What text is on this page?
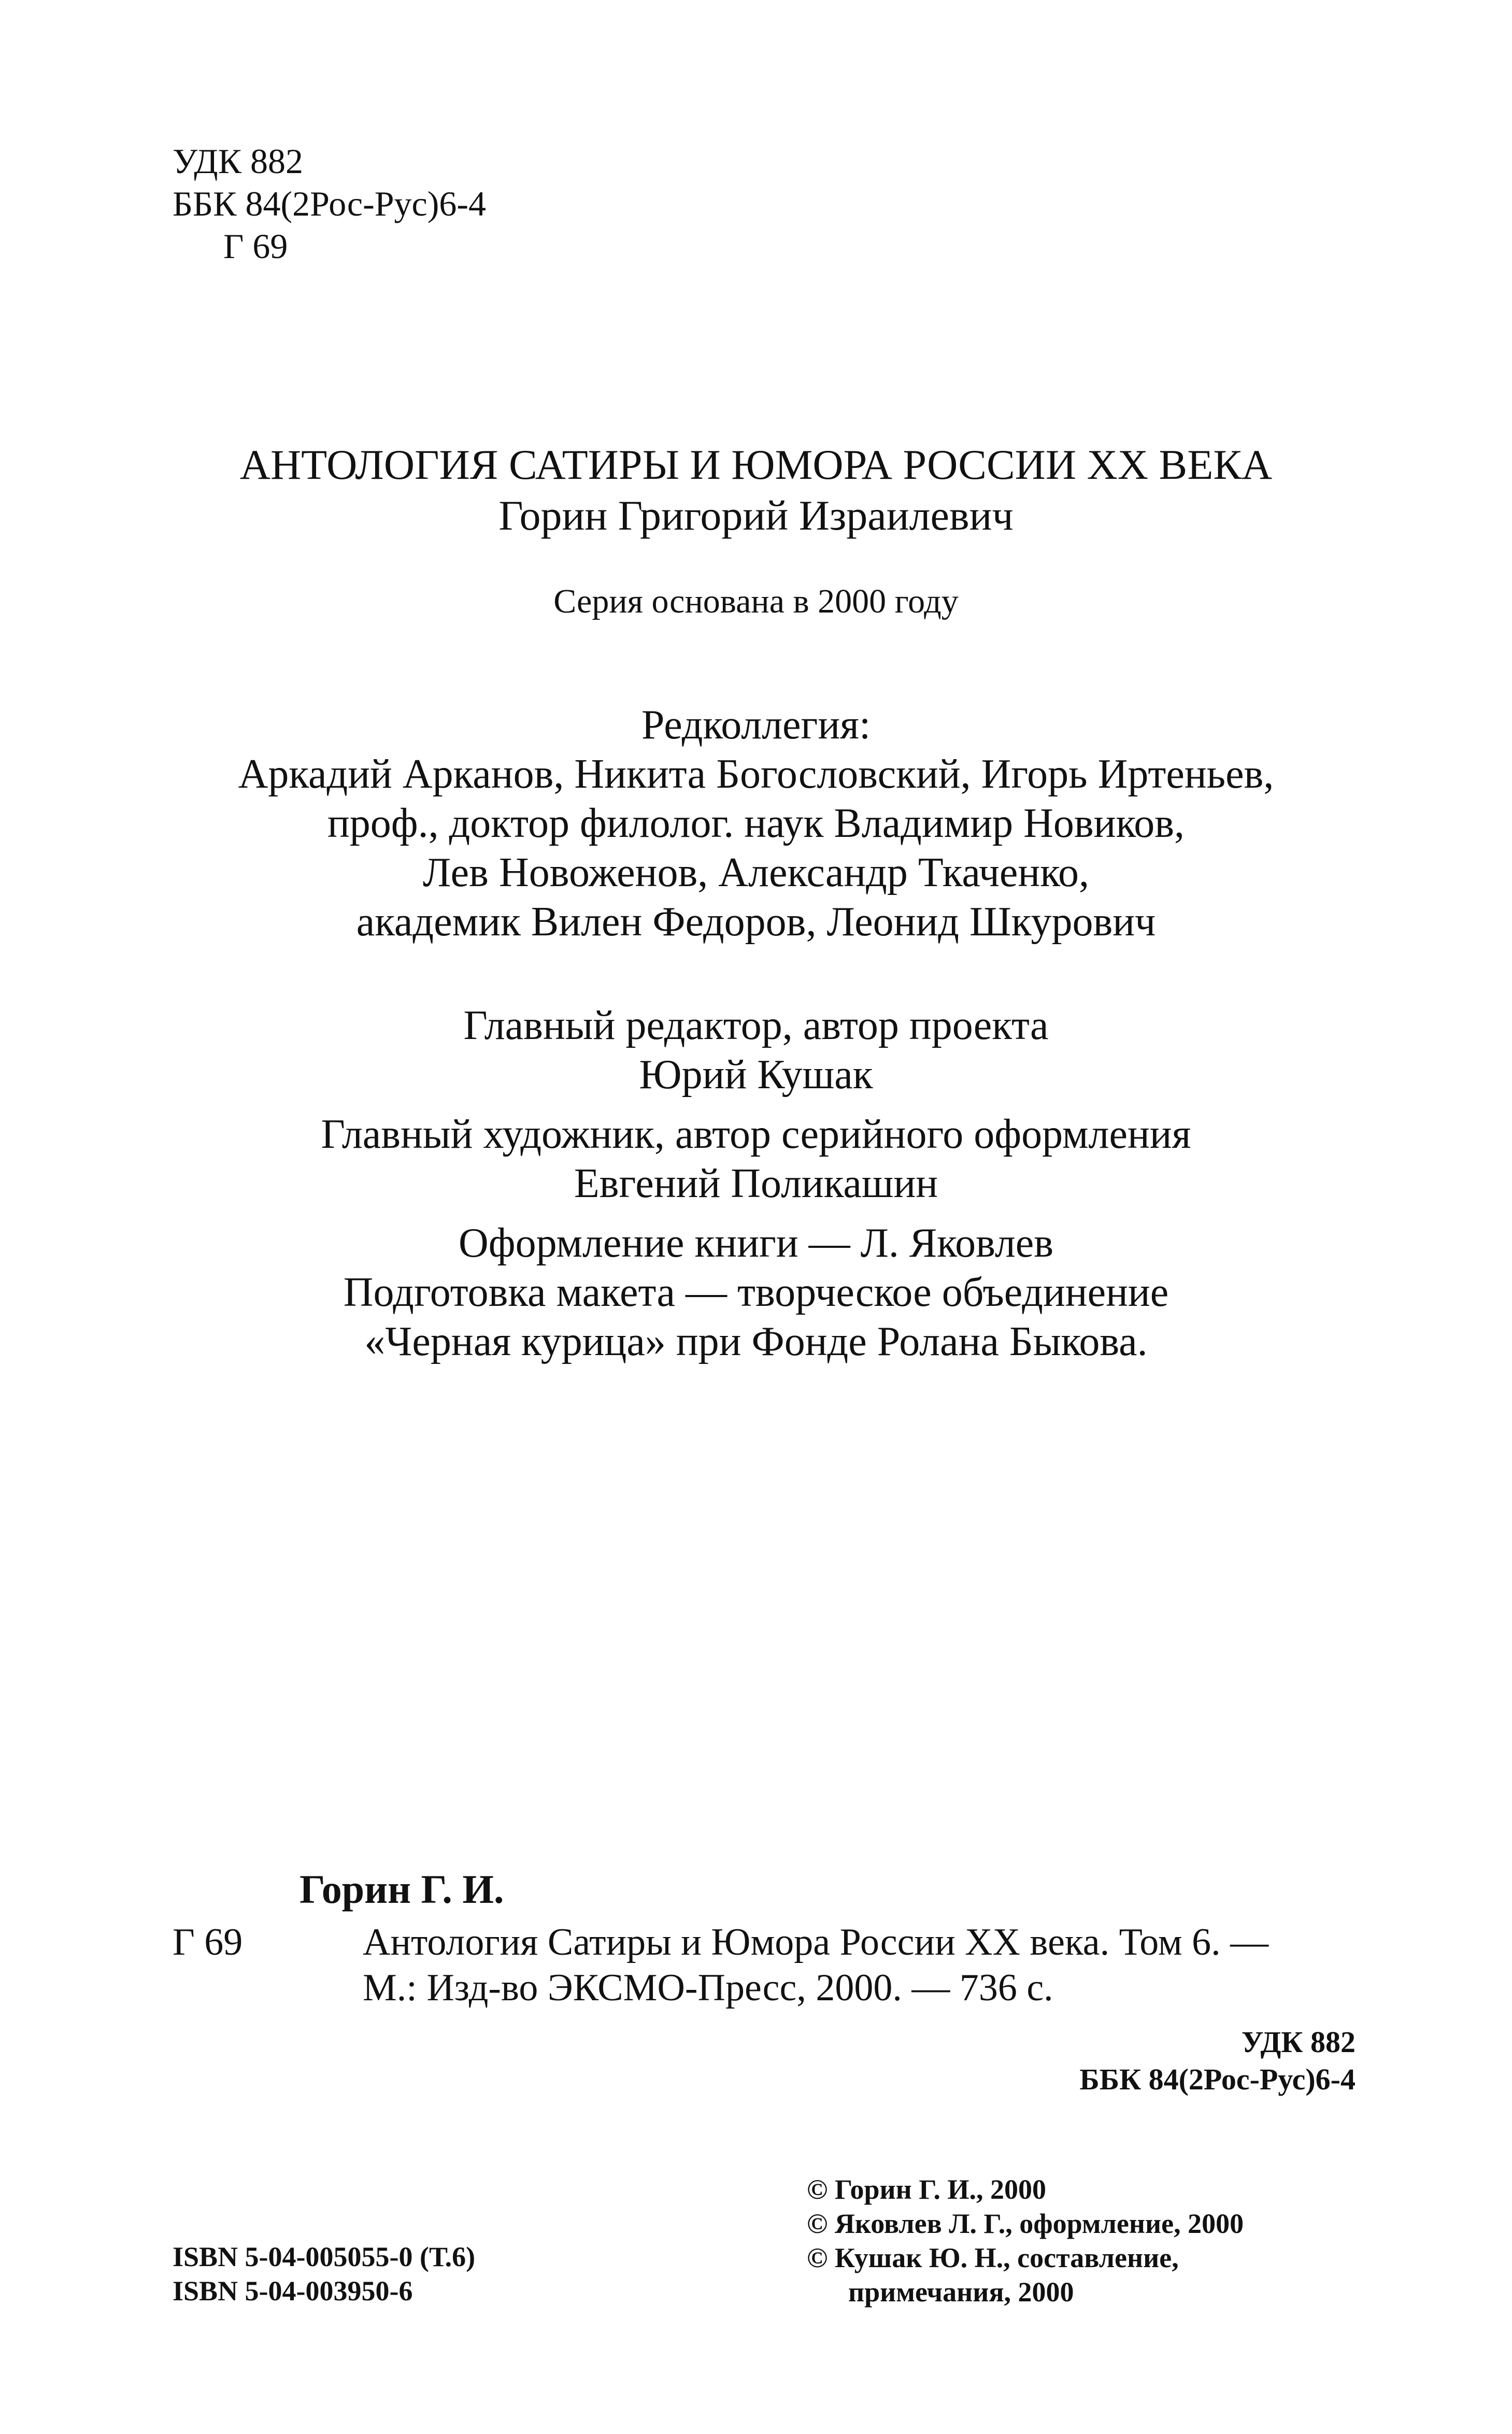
УДК 882
ББК 84(2Рос-Рус)6-4
Г 69
АНТОЛОГИЯ САТИРЫ И ЮМОРА РОССИИ XX ВЕКА
Горин Григорий Израилевич
Серия основана в 2000 году
Редколлегия:
Аркадий Арканов, Никита Богословский, Игорь Иртеньев,
проф., доктор филолог. наук Владимир Новиков,
Лев Новоженов, Александр Ткаченко,
академик Вилен Федоров, Леонид Шкурович
Главный редактор, автор проекта
Юрий Кушак
Главный художник, автор серийного оформления
Евгений Поликашин
Оформление книги — Л. Яковлев
Подготовка макета — творческое объединение
«Черная курица» при Фонде Ролана Быкова.
Горин Г. И.
Г 69	Антология Сатиры и Юмора России XX века. Том 6. —
М.: Изд-во ЭКСМО-Пресс, 2000. — 736 с.
УДК 882
ББК 84(2Рос-Рус)6-4
ISBN 5-04-005055-0 (Т.6)
ISBN 5-04-003950-6
© Горин Г. И., 2000
© Яковлев Л. Г., оформление, 2000
© Кушак Ю. Н., составление,
примечания, 2000
